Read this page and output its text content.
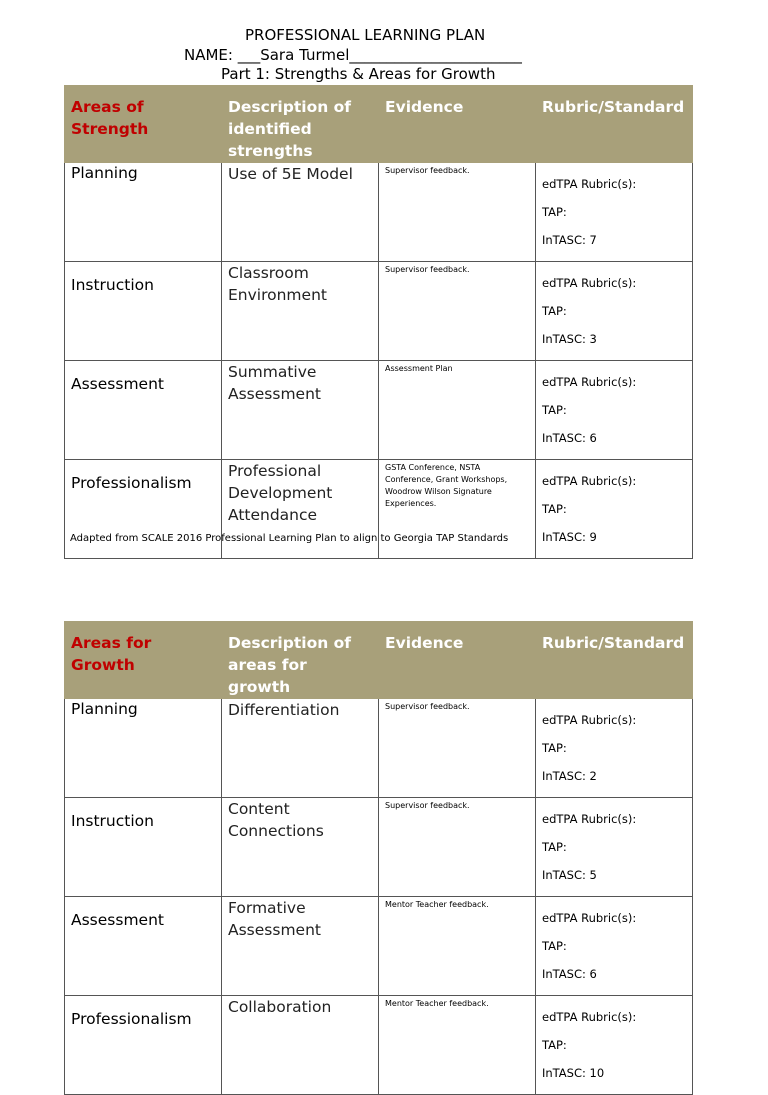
PROFESSIONAL LEARNING PLAN
NAME: ___Sara Turmel_______________________
Part 1: Strengths & Areas for Growth
Areas of Strength	Description of identified strengths	Evidence	Rubric/Standard

Planning	Use of 5E Model	Supervisor feedback.	edTPA Rubric(s):
TAP:
InTASC: 7

Instruction	Classroom Environment	Supervisor feedback.	edTPA Rubric(s):
TAP:
InTASC: 3

Assessment	Summative Assessment	Assessment Plan	edTPA Rubric(s):
TAP:
InTASC: 6

Professionalism	Professional Development Attendance	GSTA Conference, NSTA Conference, Grant Workshops, Woodrow Wilson Signature Experiences.	edTPA Rubric(s):
TAP:
InTASC: 9
Adapted from SCALE 2016 Professional Learning Plan to align to Georgia TAP Standards
Areas for Growth	Description of areas for growth	Evidence	Rubric/Standard

Planning	Differentiation	Supervisor feedback.	edTPA Rubric(s):
TAP:
InTASC: 2

Instruction	Content Connections	Supervisor feedback.	edTPA Rubric(s):
TAP:
InTASC: 5

Assessment	Formative Assessment	Mentor Teacher feedback.	edTPA Rubric(s):
TAP:
InTASC: 6

Professionalism	Collaboration	Mentor Teacher feedback.	edTPA Rubric(s):
TAP:
InTASC: 10
